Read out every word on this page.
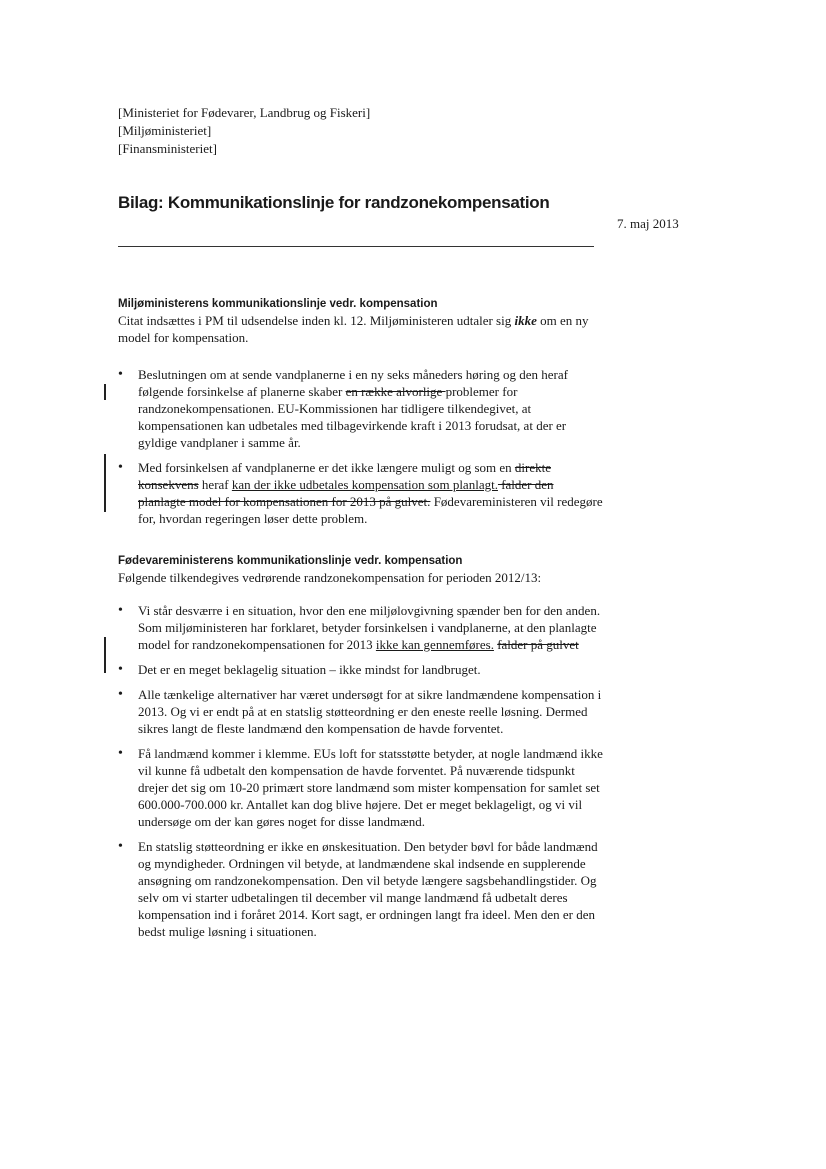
[Ministeriet for Fødevarer, Landbrug og Fiskeri]
[Miljøministeriet]
[Finansministeriet]
Bilag: Kommunikationslinje for randzonekompensation
7. maj 2013

Miljøministerens kommunikationslinje vedr. kompensation

Citat indsættes i PM til udsendelse inden kl. 12. Miljøministeren udtaler sig ikke om en ny model for kompensation.

• Beslutningen om at sende vandplanerne i en ny seks måneders høring og den heraf følgende forsinkelse af planerne skaber en række alvorlige problemer for randzonekompensationen. EU-Kommissionen har tidligere tilkendegivet, at kompensationen kan udbetales med tilbagevirkende kraft i 2013 forudsat, at der er gyldige vandplaner i samme år.
• Med forsinkelsen af vandplanerne er det ikke længere muligt og som en direkte konsekvens heraf kan der ikke udbetales kompensation som planlagt. falder den planlagte model for kompensationen for 2013 på gulvet. Fødevareministeren vil redegøre for, hvordan regeringen løser dette problem.

Fødevareministerens kommunikationslinje vedr. kompensation

Følgende tilkendegives vedrørende randzonekompensation for perioden 2012/13:

• Vi står desværre i en situation, hvor den ene miljølovgivning spænder ben for den anden. Som miljøministeren har forklaret, betyder forsinkelsen i vandplanerne, at den planlagte model for randzonekompensationen for 2013 ikke kan gennemføres. falder på gulvet
• Det er en meget beklagelig situation – ikke mindst for landbruget.
• Alle tænkelige alternativer har været undersøgt for at sikre landmændene kompensation i 2013. Og vi er endt på at en statslig støtteordning er den eneste reelle løsning. Dermed sikres langt de fleste landmænd den kompensation de havde forventet.
• Få landmænd kommer i klemme. EUs loft for statsstøtte betyder, at nogle landmænd ikke vil kunne få udbetalt den kompensation de havde forventet. På nuværende tidspunkt drejer det sig om 10-20 primært store landmænd som mister kompensation for samlet set 600.000-700.000 kr. Antallet kan dog blive højere. Det er meget beklageligt, og vi vil undersøge om der kan gøres noget for disse landmænd.
• En statslig støtteordning er ikke en ønskesituation. Den betyder bøvl for både landmænd og myndigheder. Ordningen vil betyde, at landmændene skal indsende en supplerende ansøgning om randzonekompensation. Den vil betyde længere sagsbehandlingstider. Og selv om vi starter udbetalingen til december vil mange landmænd få udbetalt deres kompensation ind i foråret 2014. Kort sagt, er ordningen langt fra ideel. Men den er den bedst mulige løsning i situationen.
